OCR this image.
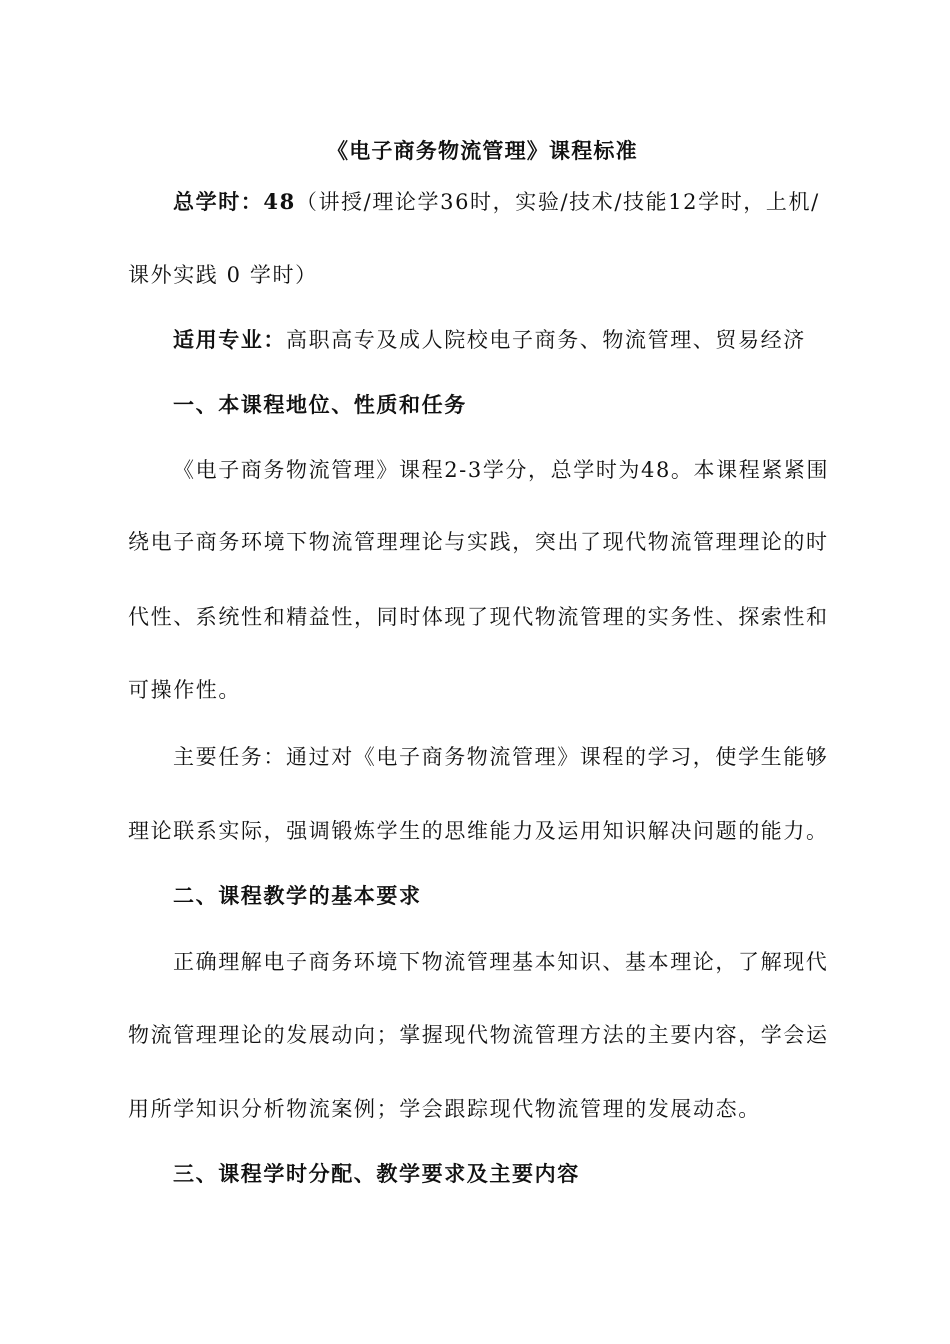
《电子商务物流管理》课程标准
总学时：48（讲授/理论学36时，实验/技术/技能12学时，上机/
课外实践 0 学时）
适用专业：高职高专及成人院校电子商务、物流管理、贸易经济
一、本课程地位、性质和任务
《电子商务物流管理》课程2-3学分，总学时为48。本课程紧紧围
绕电子商务环境下物流管理理论与实践，突出了现代物流管理理论的时
代性、系统性和精益性，同时体现了现代物流管理的实务性、探索性和
可操作性。
主要任务：通过对《电子商务物流管理》课程的学习，使学生能够
理论联系实际，强调锻炼学生的思维能力及运用知识解决问题的能力。
二、课程教学的基本要求
正确理解电子商务环境下物流管理基本知识、基本理论，了解现代
物流管理理论的发展动向；掌握现代物流管理方法的主要内容，学会运
用所学知识分析物流案例；学会跟踪现代物流管理的发展动态。
三、课程学时分配、教学要求及主要内容
